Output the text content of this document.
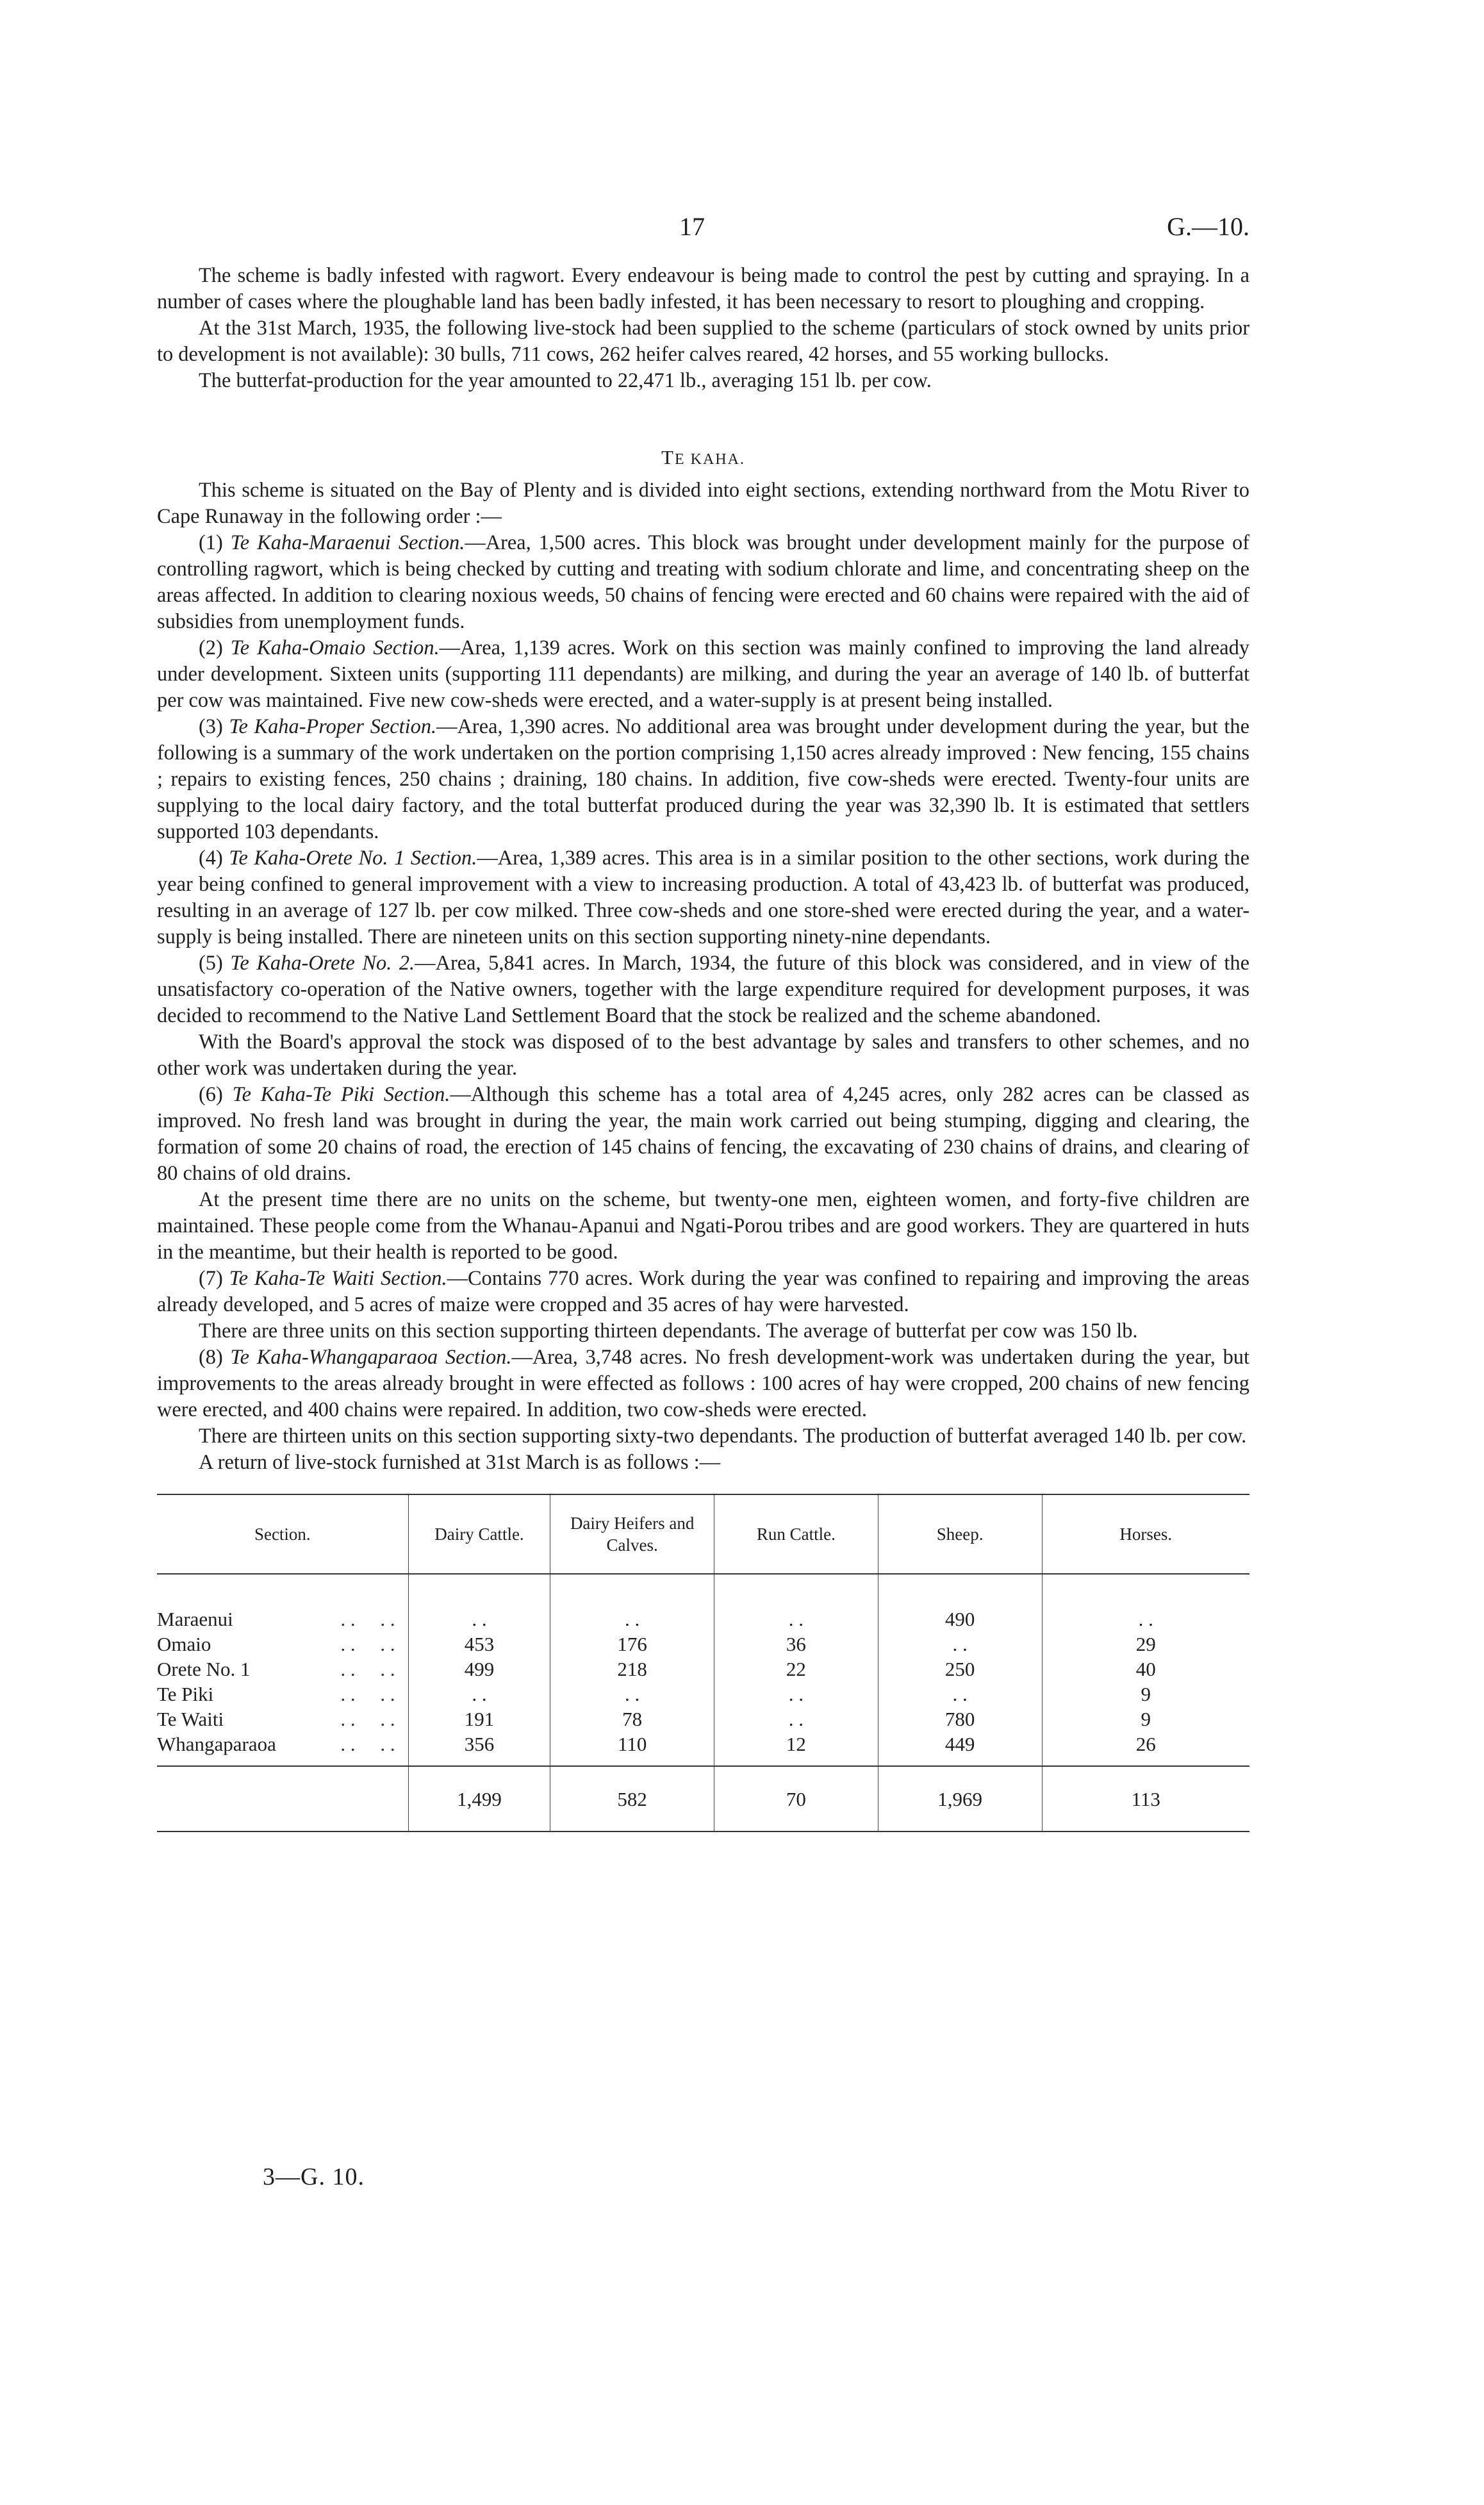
17	G.—10.

The scheme is badly infested with ragwort. Every endeavour is being made to control the pest by cutting and spraying. In a number of cases where the ploughable land has been badly infested, it has been necessary to resort to ploughing and cropping.

At the 31st March, 1935, the following live-stock had been supplied to the scheme (particulars of stock owned by units prior to development is not available): 30 bulls, 711 cows, 262 heifer calves reared, 42 horses, and 55 working bullocks.

The butterfat-production for the year amounted to 22,471 lb., averaging 151 lb. per cow.

TE KAHA.

This scheme is situated on the Bay of Plenty and is divided into eight sections, extending northward from the Motu River to Cape Runaway in the following order :—

(1) Te Kaha-Maraenui Section.—Area, 1,500 acres. This block was brought under development mainly for the purpose of controlling ragwort, which is being checked by cutting and treating with sodium chlorate and lime, and concentrating sheep on the areas affected. In addition to clearing noxious weeds, 50 chains of fencing were erected and 60 chains were repaired with the aid of subsidies from unemployment funds.

(2) Te Kaha-Omaio Section.—Area, 1,139 acres. Work on this section was mainly confined to improving the land already under development. Sixteen units (supporting 111 dependants) are milking, and during the year an average of 140 lb. of butterfat per cow was maintained. Five new cow-sheds were erected, and a water-supply is at present being installed.

(3) Te Kaha-Proper Section.—Area, 1,390 acres. No additional area was brought under development during the year, but the following is a summary of the work undertaken on the portion comprising 1,150 acres already improved : New fencing, 155 chains ; repairs to existing fences, 250 chains ; draining, 180 chains. In addition, five cow-sheds were erected. Twenty-four units are supplying to the local dairy factory, and the total butterfat produced during the year was 32,390 lb. It is estimated that settlers supported 103 dependants.

(4) Te Kaha-Orete No. 1 Section.—Area, 1,389 acres. This area is in a similar position to the other sections, work during the year being confined to general improvement with a view to increasing production. A total of 43,423 lb. of butterfat was produced, resulting in an average of 127 lb. per cow milked. Three cow-sheds and one store-shed were erected during the year, and a water-supply is being installed. There are nineteen units on this section supporting ninety-nine dependants.

(5) Te Kaha-Orete No. 2.—Area, 5,841 acres. In March, 1934, the future of this block was considered, and in view of the unsatisfactory co-operation of the Native owners, together with the large expenditure required for development purposes, it was decided to recommend to the Native Land Settlement Board that the stock be realized and the scheme abandoned.

With the Board's approval the stock was disposed of to the best advantage by sales and transfers to other schemes, and no other work was undertaken during the year.

(6) Te Kaha-Te Piki Section.—Although this scheme has a total area of 4,245 acres, only 282 acres can be classed as improved. No fresh land was brought in during the year, the main work carried out being stumping, digging and clearing, the formation of some 20 chains of road, the erection of 145 chains of fencing, the excavating of 230 chains of drains, and clearing of 80 chains of old drains.

At the present time there are no units on the scheme, but twenty-one men, eighteen women, and forty-five children are maintained. These people come from the Whanau-Apanui and Ngati-Porou tribes and are good workers. They are quartered in huts in the meantime, but their health is reported to be good.

(7) Te Kaha-Te Waiti Section.—Contains 770 acres. Work during the year was confined to repairing and improving the areas already developed, and 5 acres of maize were cropped and 35 acres of hay were harvested.

There are three units on this section supporting thirteen dependants. The average of butterfat per cow was 150 lb.

(8) Te Kaha-Whangaparaoa Section.—Area, 3,748 acres. No fresh development-work was undertaken during the year, but improvements to the areas already brought in were effected as follows : 100 acres of hay were cropped, 200 chains of new fencing were erected, and 400 chains were repaired. In addition, two cow-sheds were erected.

There are thirteen units on this section supporting sixty-two dependants. The production of butterfat averaged 140 lb. per cow.

A return of live-stock furnished at 31st March is as follows :—

Section.	Dairy Cattle.	Dairy Heifers and Calves.	Run Cattle.	Sheep.	Horses.

Maraenui . .     . .	. .	. .	. .	490	. .
Omaio . .     . .	453	176	36	. .	29
Orete No. 1 . .     . .	499	218	22	250	40
Te Piki . .     . .	. .	. .	. .	. .	9
Te Waiti . .     . .	191	78	. .	780	9
Whangaparaoa . .     . .	356	110	12	449	26

	1,499	582	70	1,969	113
3—G. 10.
